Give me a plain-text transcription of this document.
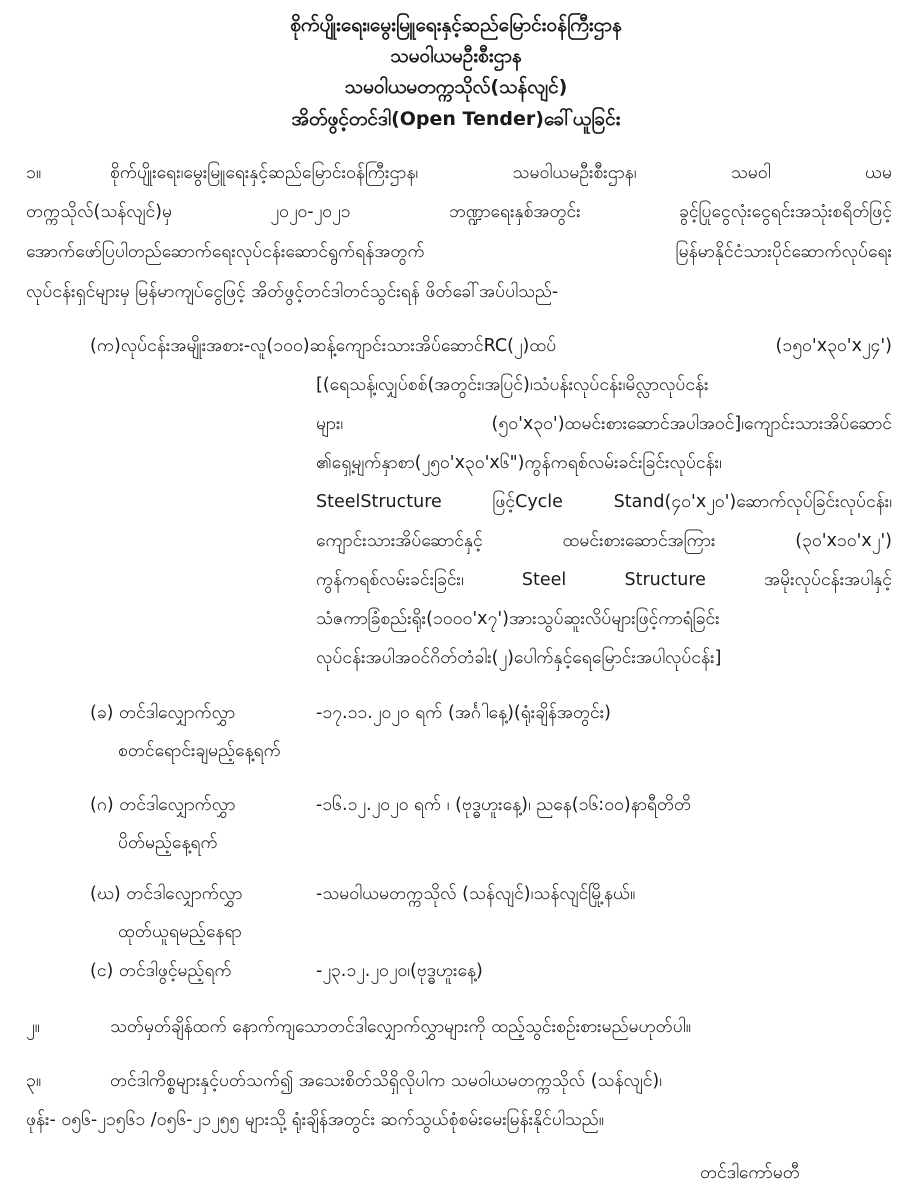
စိုက်ပျိုးရေး၊မွေးမြူရေးနှင့်ဆည်မြောင်းဝန်ကြီးဌာန
သမဝါယမဦးစီးဌာန
သမဝါယမတက္ကသိုလ်(သန်လျင်)
အိတ်ဖွင့်တင်ဒါ(Open Tender)ခေါ်ယူခြင်း
၁။	စိုက်ပျိုးရေး၊မွေးမြူရေးနှင့်ဆည်မြောင်းဝန်ကြီးဌာန၊ သမဝါယမဦးစီးဌာန၊ သမဝါ ယမ
တက္ကသိုလ်(သန်လျင်)မှ ၂၀၂၀-၂၀၂၁ ဘဏ္ဍာရေးနှစ်အတွင်း ခွင့်ပြုငွေလုံးငွေရင်းအသုံးစရိတ်ဖြင့်
အောက်ဖော်ပြပါတည်ဆောက်ရေးလုပ်ငန်းဆောင်ရွက်ရန်အတွက် မြန်မာနိုင်ငံသားပိုင်ဆောက်လုပ်ရေး
လုပ်ငန်းရှင်များမှ မြန်မာကျပ်ငွေဖြင့် အိတ်ဖွင့်တင်ဒါတင်သွင်းရန် ဖိတ်ခေါ်အပ်ပါသည်-
(က)လုပ်ငန်းအမျိုးအစား-လူ(၁၀၀)ဆန့်ကျောင်းသားအိပ်ဆောင်RC(၂)ထပ် (၁၅၀'x၃၀'x၂၄')
[(ရေသန့်၊လျှပ်စစ်(အတွင်း၊အပြင်)၊သံပန်းလုပ်ငန်း၊မိလ္လာလုပ်ငန်း
များ၊ (၅၀'x၃၀')ထမင်းစားဆောင်အပါအဝင်]၊ကျောင်းသားအိပ်ဆောင်
၏ရှေ့မျက်နှာစာ(၂၅၀'x၃၀'x၆")ကွန်ကရစ်လမ်းခင်းခြင်းလုပ်ငန်း၊
SteelStructure ဖြင့်Cycle Stand(၄၀'x၂၀')ဆောက်လုပ်ခြင်းလုပ်ငန်း၊
ကျောင်းသားအိပ်ဆောင်နှင့် ထမင်းစားဆောင်အကြား (၃၀'x၁၀'x၂')
ကွန်ကရစ်လမ်းခင်းခြင်း၊ Steel Structure အမိုးလုပ်ငန်းအပါနှင့်
သံဇကာခြံစည်းရိုး(၁၀၀၀'x၇')အားသွပ်ဆူးလိပ်များဖြင့်ကာရံခြင်း
လုပ်ငန်းအပါအဝင်ဂိတ်တံခါး(၂)ပေါက်နှင့်ရေမြောင်းအပါလုပ်ငန်း]
(ခ) တင်ဒါလျှောက်လွှာ	-၁၇.၁၁.၂၀၂၀ ရက် (အင်္ဂါနေ့)(ရုံးချိန်အတွင်း)
စတင်ရောင်းချမည့်နေ့ရက်
(ဂ) တင်ဒါလျှောက်လွှာ	-၁၆.၁၂.၂၀၂၀ ရက် ၊ (ဗုဒ္ဓဟူးနေ့)၊ ညနေ(၁၆:၀၀)နာရီတိတိ
ပိတ်မည့်နေ့ရက်
(ဃ) တင်ဒါလျှောက်လွှာ	-သမဝါယမတက္ကသိုလ် (သန်လျင်)၊သန်လျင်မြို့နယ်။
ထုတ်ယူရမည့်နေရာ
(င) တင်ဒါဖွင့်မည့်ရက်	-၂၃.၁၂.၂၀၂၀၊(ဗုဒ္ဓဟူးနေ့)
၂။	သတ်မှတ်ချိန်ထက် နောက်ကျသောတင်ဒါလျှောက်လွှာများကို ထည့်သွင်းစဉ်းစားမည်မဟုတ်ပါ။
၃။	တင်ဒါကိစ္စများနှင့်ပတ်သက်၍ အသေးစိတ်သိရှိလိုပါက သမဝါယမတက္ကသိုလ် (သန်လျင်)၊
ဖုန်း- ၀၅၆-၂၁၅၆၁ /၀၅၆-၂၁၂၅၅ များသို့ ရုံးချိန်အတွင်း ဆက်သွယ်စုံစမ်းမေးမြန်းနိုင်ပါသည်။
တင်ဒါကော်မတီ
